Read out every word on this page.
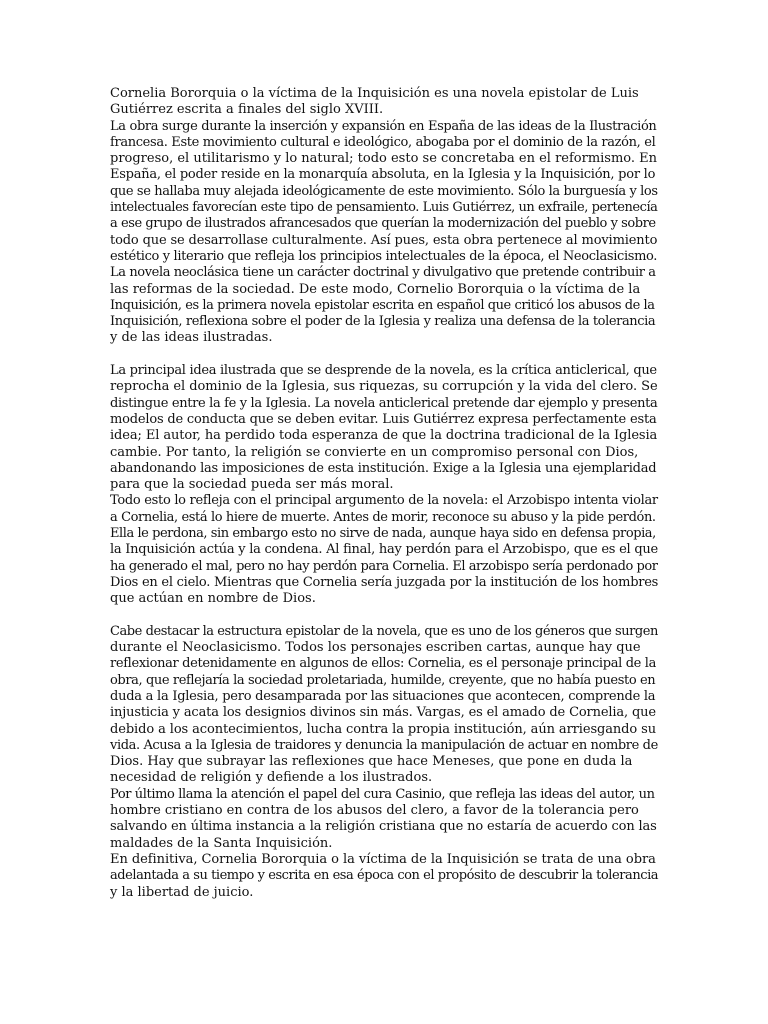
Cornelia Bororquia o la víctima de la Inquisición es una novela epistolar de Luis
Gutiérrez escrita a finales del siglo XVIII.

La obra surge durante la inserción y expansión en España de las ideas de la Ilustración
francesa. Este movimiento cultural e ideológico, abogaba por el dominio de la razón, el
progreso, el utilitarismo y lo natural; todo esto se concretaba en el reformismo. En
España, el poder reside en la monarquía absoluta, en la Iglesia y la Inquisición, por lo
que se hallaba muy alejada ideológicamente de este movimiento. Sólo la burguesía y los
intelectuales favorecían este tipo de pensamiento. Luis Gutiérrez, un exfraile, pertenecía
a ese grupo de ilustrados afrancesados que querían la modernización del pueblo y sobre
todo que se desarrollase culturalmente. Así pues, esta obra pertenece al movimiento
estético y literario que refleja los principios intelectuales de la época, el Neoclasicismo.

La novela neoclásica tiene un carácter doctrinal y divulgativo que pretende contribuir a
las reformas de la sociedad. De este modo, Cornelio Bororquia o la víctima de la
Inquisición, es la primera novela epistolar escrita en español que criticó los abusos de la
Inquisición, reflexiona sobre el poder de la Iglesia y realiza una defensa de la tolerancia
y de las ideas ilustradas.

La principal idea ilustrada que se desprende de la novela, es la crítica anticlerical, que
reprocha el dominio de la Iglesia, sus riquezas, su corrupción y la vida del clero. Se
distingue entre la fe y la Iglesia. La novela anticlerical pretende dar ejemplo y presenta
modelos de conducta que se deben evitar. Luis Gutiérrez expresa perfectamente esta
idea; El autor, ha perdido toda esperanza de que la doctrina tradicional de la Iglesia
cambie. Por tanto, la religión se convierte en un compromiso personal con Dios,
abandonando las imposiciones de esta institución. Exige a la Iglesia una ejemplaridad
para que la sociedad pueda ser más moral.

Todo esto lo refleja con el principal argumento de la novela: el Arzobispo intenta violar
a Cornelia, está lo hiere de muerte. Antes de morir, reconoce su abuso y la pide perdón.
Ella le perdona, sin embargo esto no sirve de nada, aunque haya sido en defensa propia,
la Inquisición actúa y la condena. Al final, hay perdón para el Arzobispo, que es el que
ha generado el mal, pero no hay perdón para Cornelia. El arzobispo sería perdonado por
Dios en el cielo. Mientras que Cornelia sería juzgada por la institución de los hombres
que actúan en nombre de Dios.

Cabe destacar la estructura epistolar de la novela, que es uno de los géneros que surgen
durante el Neoclasicismo. Todos los personajes escriben cartas, aunque hay que
reflexionar detenidamente en algunos de ellos: Cornelia, es el personaje principal de la
obra, que reflejaría la sociedad proletariada, humilde, creyente, que no había puesto en
duda a la Iglesia, pero desamparada por las situaciones que acontecen, comprende la
injusticia y acata los designios divinos sin más. Vargas, es el amado de Cornelia, que
debido a los acontecimientos, lucha contra la propia institución, aún arriesgando su
vida. Acusa a la Iglesia de traidores y denuncia la manipulación de actuar en nombre de
Dios. Hay que subrayar las reflexiones que hace Meneses, que pone en duda la
necesidad de religión y defiende a los ilustrados.

Por último llama la atención el papel del cura Casinio, que refleja las ideas del autor, un
hombre cristiano en contra de los abusos del clero, a favor de la tolerancia pero
salvando en última instancia a la religión cristiana que no estaría de acuerdo con las
maldades de la Santa Inquisición.

En definitiva, Cornelia Bororquia o la víctima de la Inquisición se trata de una obra
adelantada a su tiempo y escrita en esa época con el propósito de descubrir la tolerancia
y la libertad de juicio.
